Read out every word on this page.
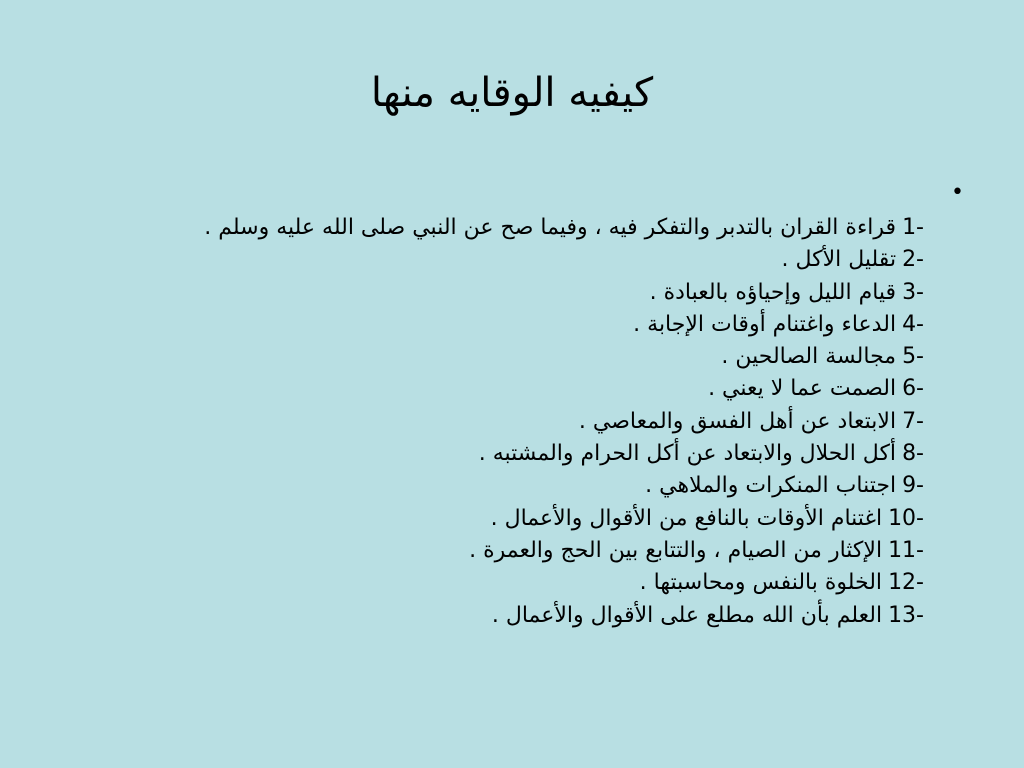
كيفيه الوقايه منها
•
1-قراءة القران بالتدبر والتفكر فيه ، وفيما صح عن النبي صلى الله عليه وسلم .
2-تقليل الأكل .
3-قيام الليل وإحياؤه بالعبادة .
4-الدعاء واغتنام أوقات الإجابة .
5-مجالسة الصالحين .
6-الصمت عما لا يعني .
7-الابتعاد عن أهل الفسق والمعاصي .
8-أكل الحلال والابتعاد عن أكل الحرام والمشتبه .
9-اجتناب المنكرات والملاهي .
10-اغتنام الأوقات بالنافع من الأقوال والأعمال .
11-الإكثار من الصيام ، والتتابع بين الحج والعمرة .
12-الخلوة بالنفس ومحاسبتها .
13-العلم بأن الله مطلع على الأقوال والأعمال .
